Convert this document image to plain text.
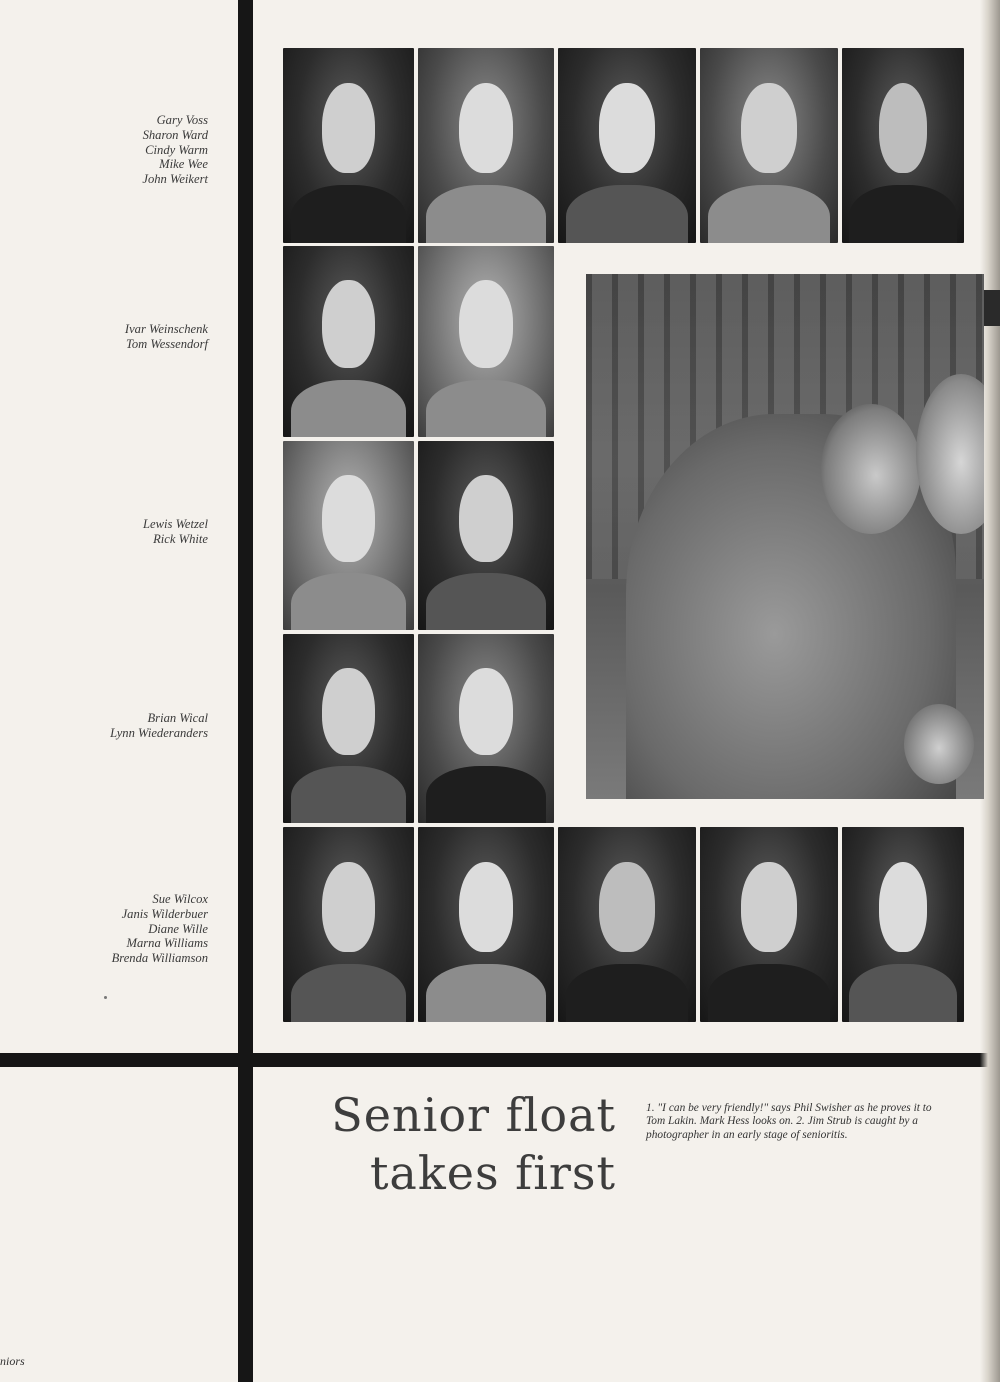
Gary Voss
Sharon Ward
Cindy Warm
Mike Wee
John Weikert
Ivar Weinschenk
Tom Wessendorf
Lewis Wetzel
Rick White
Brian Wical
Lynn Wiederanders
Sue Wilcox
Janis Wilderbuer
Diane Wille
Marna Williams
Brenda Williamson
Senior float
takes first
1. "I can be very friendly!" says Phil Swisher as he proves it to Tom Lakin. Mark Hess looks on. 2. Jim Strub is caught by a photographer in an early stage of senioritis.
niors
